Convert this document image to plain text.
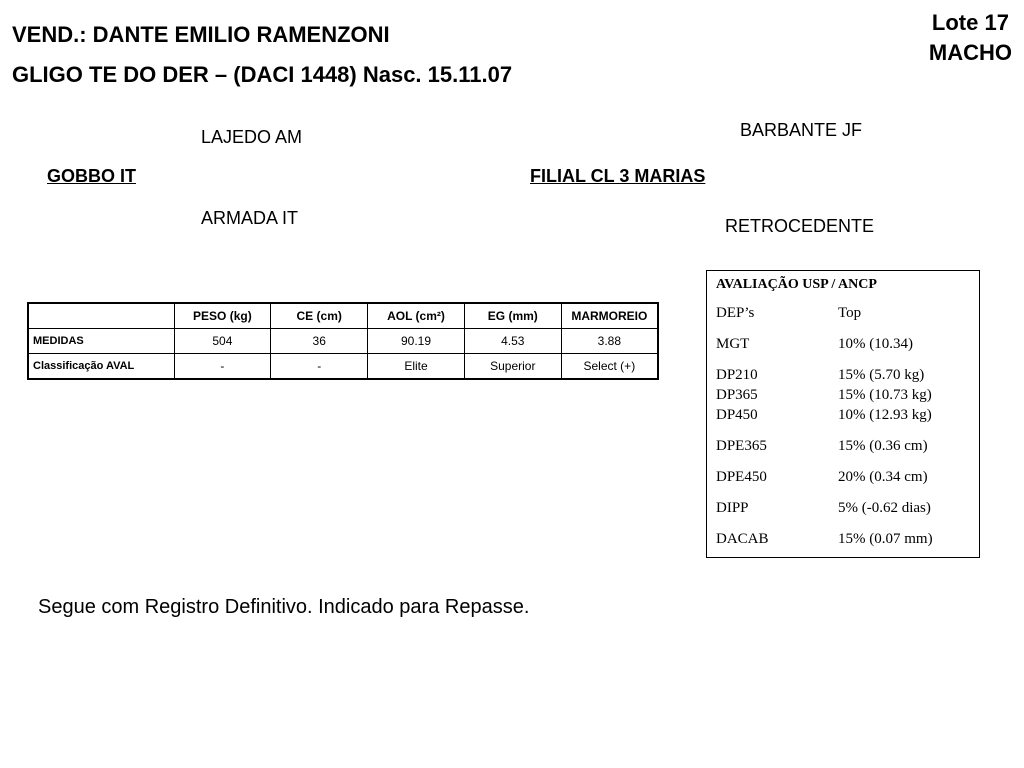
VEND.: DANTE EMILIO RAMENZONI
GLIGO TE DO DER – (DACI 1448) Nasc. 15.11.07
Lote 17
MACHO
LAJEDO AM
GOBBO IT
ARMADA IT
BARBANTE JF
FILIAL CL 3 MARIAS
RETROCEDENTE
	PESO (kg)	CE (cm)	AOL (cm²)	EG (mm)	MARMOREIO
MEDIDAS	504	36	90.19	4.53	3.88
Classificação AVAL	-	-	Elite	Superior	Select (+)
AVALIAÇÃO USP / ANCP
DEP’s	Top
MGT	10% (10.34)
DP210	15% (5.70 kg)
DP365	15% (10.73 kg)
DP450	10% (12.93 kg)
DPE365	15% (0.36 cm)
DPE450	20% (0.34 cm)
DIPP	5% (-0.62 dias)
DACAB	15% (0.07 mm)
Segue com Registro Definitivo. Indicado para Repasse.
